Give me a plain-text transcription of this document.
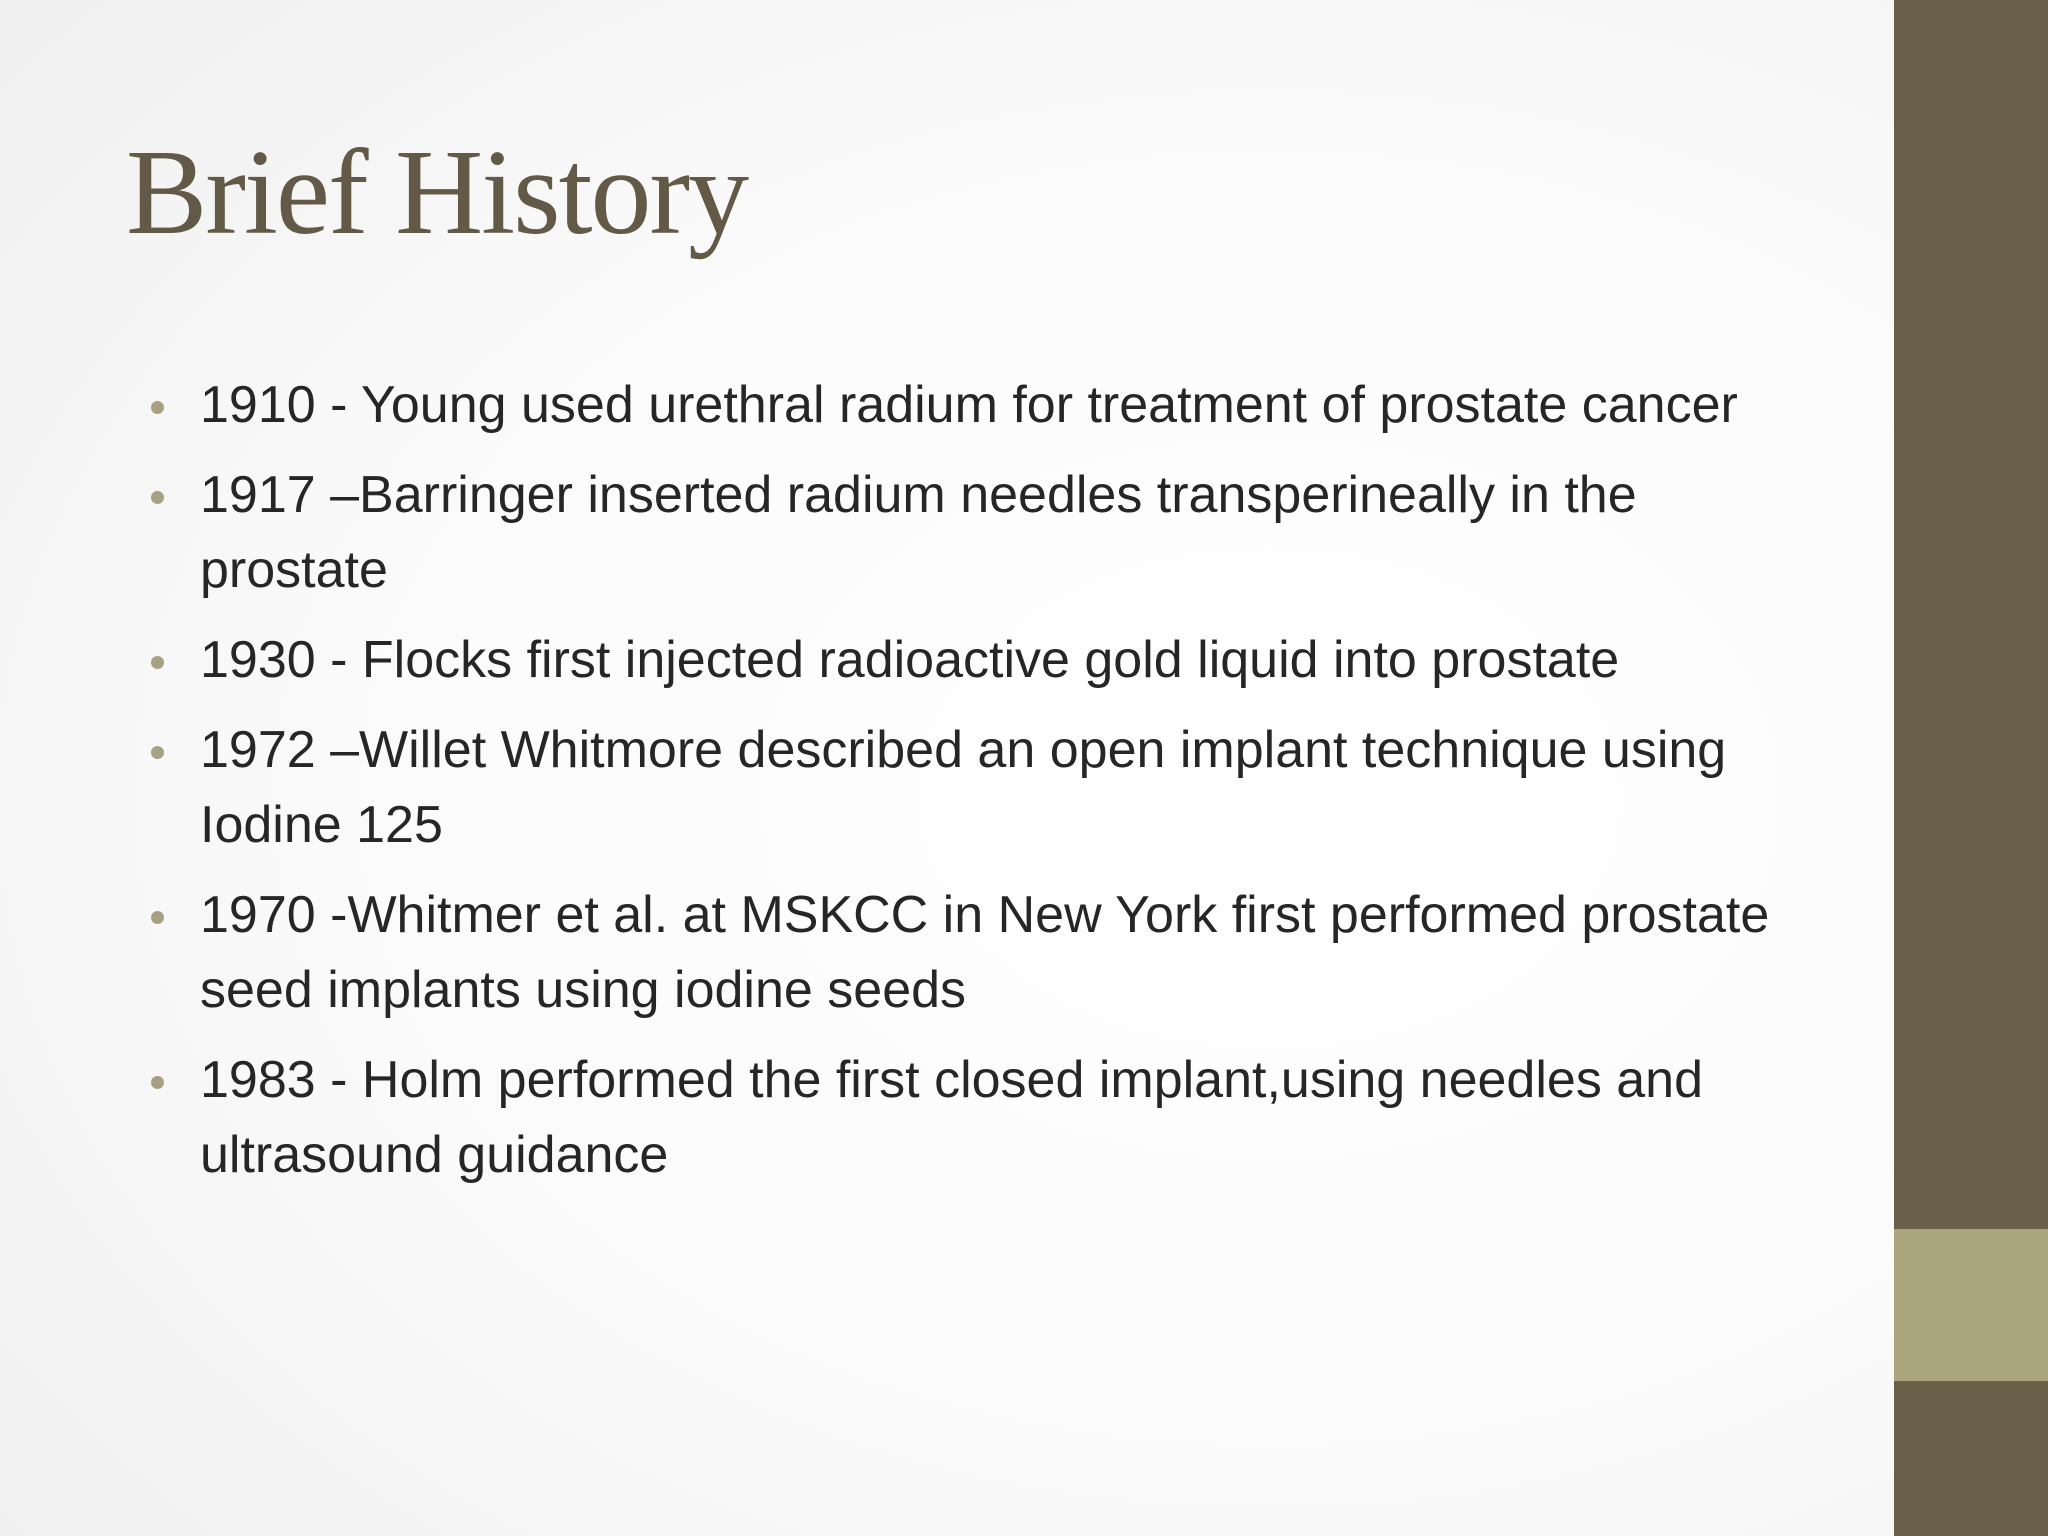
Brief History
1910 - Young used urethral radium for treatment of prostate cancer
1917 –Barringer inserted radium needles transperineally in the prostate
1930 - Flocks first injected radioactive gold liquid into prostate
1972 –Willet Whitmore described an open implant technique using Iodine 125
1970 -Whitmer et al. at MSKCC in New York first performed prostate seed implants using iodine seeds
1983 - Holm performed the first closed implant,using needles and ultrasound guidance
